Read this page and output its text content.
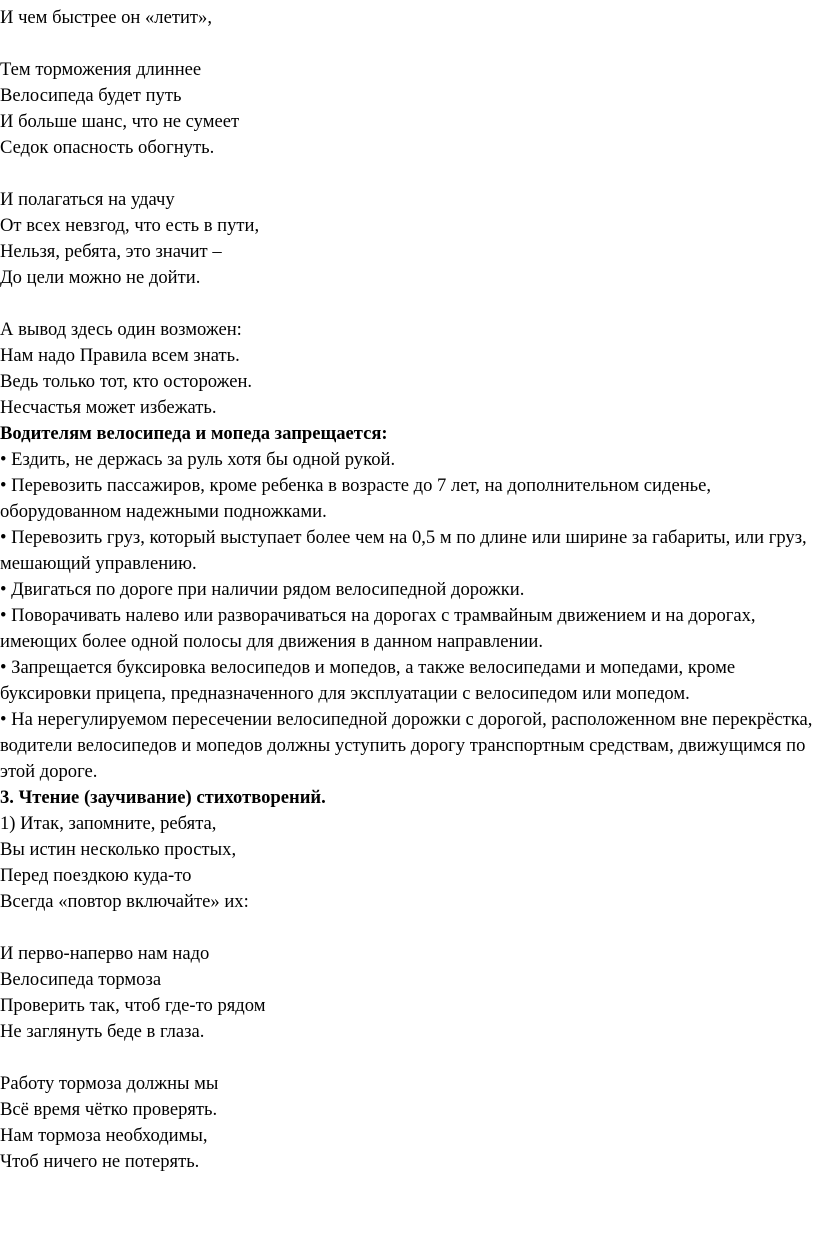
И чем быстрее он «летит»,
Тем торможения длиннее
Велосипеда будет путь
И больше шанс, что не сумеет
Седок опасность обогнуть.
И полагаться на удачу
От всех невзгод, что есть в пути,
Нельзя, ребята, это значит –
До цели можно не дойти.
А вывод здесь один возможен:
Нам надо Правила всем знать.
Ведь только тот, кто осторожен.
Несчастья может избежать.
Водителям велосипеда и мопеда запрещается:
• Ездить, не держась за руль хотя бы одной рукой.
• Перевозить пассажиров, кроме ребенка в возрасте до 7 лет, на дополнительном сиденье, оборудованном надежными подножками.
• Перевозить груз, который выступает более чем на 0,5 м по длине или ширине за габариты, или груз, мешающий управлению.
• Двигаться по дороге при наличии рядом велосипедной дорожки.
• Поворачивать налево или разворачиваться на дорогах с трамвайным движением и на дорогах, имеющих более одной полосы для движения в данном направлении.
• Запрещается буксировка велосипедов и мопедов, а также велосипедами и мопедами, кроме буксировки прицепа, предназначенного для эксплуатации с велосипедом или мопедом.
• На нерегулируемом пересечении велосипедной дорожки с дорогой, расположенном вне перекрёстка, водители велосипедов и мопедов должны уступить дорогу транспортным средствам, движущимся по этой дороге.
3. Чтение (заучивание) стихотворений.
1) Итак, запомните, ребята,
Вы истин несколько простых,
Перед поездкою куда-то
Всегда «повтор включайте» их:
И перво-наперво нам надо
Велосипеда тормоза
Проверить так, чтоб где-то рядом
Не заглянуть беде в глаза.
Работу тормоза должны мы
Всё время чётко проверять.
Нам тормоза необходимы,
Чтоб ничего не потерять.
